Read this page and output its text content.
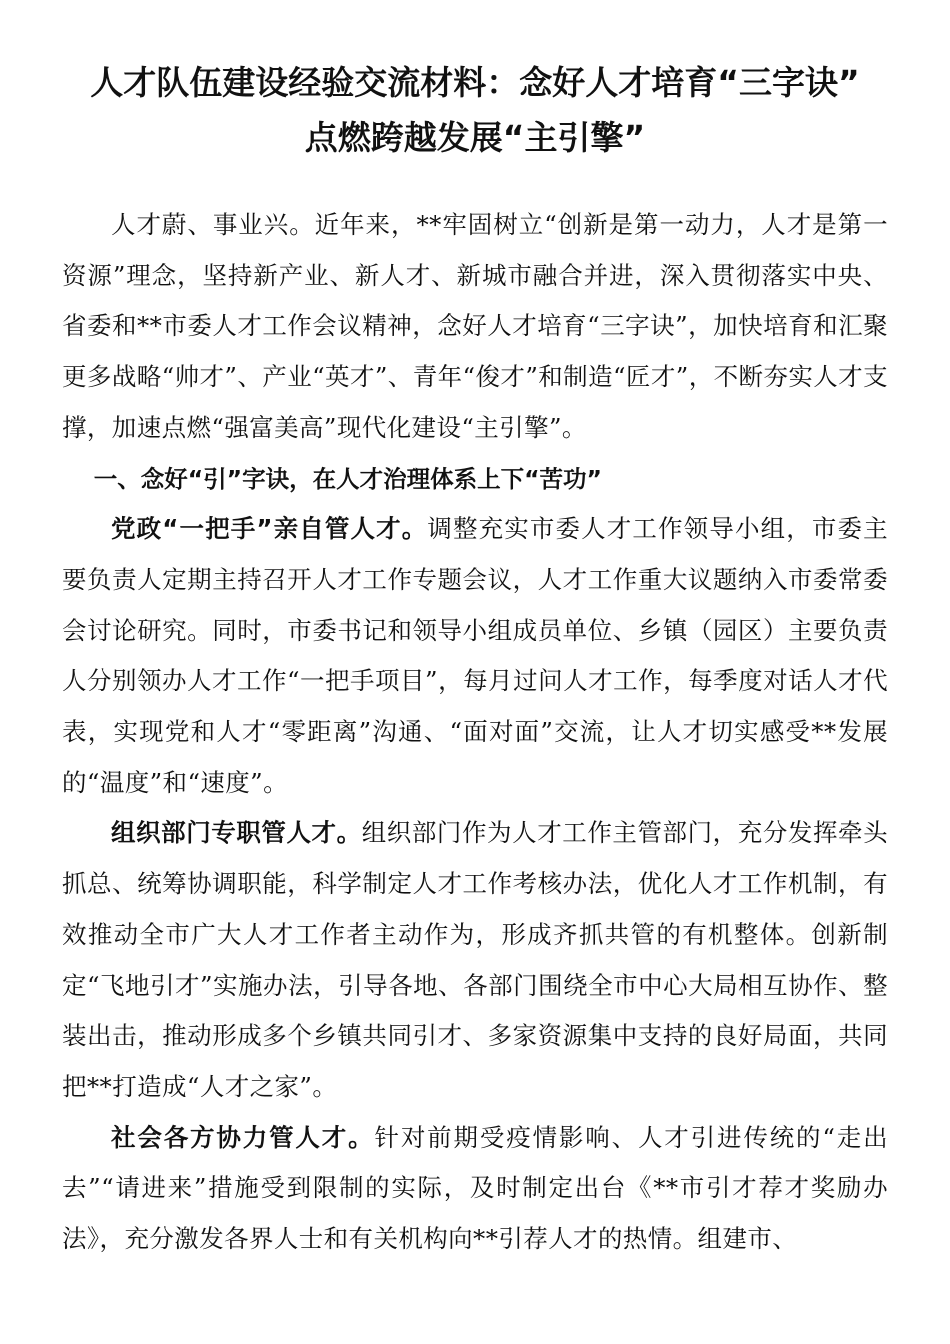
人才队伍建设经验交流材料：念好人才培育“三字诀” 点燃跨越发展“主引擎”

人才蔚、事业兴。近年来，**牢固树立“创新是第一动力，人才是第一资源”理念，坚持新产业、新人才、新城市融合并进，深入贯彻落实中央、省委和**市委人才工作会议精神，念好人才培育“三字诀”，加快培育和汇聚更多战略“帅才”、产业“英才”、青年“俊才”和制造“匠才”，不断夯实人才支撑，加速点燃“强富美高”现代化建设“主引擎”。

一、念好“引”字诀，在人才治理体系上下“苦功”

党政“一把手”亲自管人才。调整充实市委人才工作领导小组，市委主要负责人定期主持召开人才工作专题会议，人才工作重大议题纳入市委常委会讨论研究。同时，市委书记和领导小组成员单位、乡镇（园区）主要负责人分别领办人才工作“一把手项目”，每月过问人才工作，每季度对话人才代表，实现党和人才“零距离”沟通、“面对面”交流，让人才切实感受**发展的“温度”和“速度”。

组织部门专职管人才。组织部门作为人才工作主管部门，充分发挥牵头抓总、统筹协调职能，科学制定人才工作考核办法，优化人才工作机制，有效推动全市广大人才工作者主动作为，形成齐抓共管的有机整体。创新制定“飞地引才”实施办法，引导各地、各部门围绕全市中心大局相互协作、整装出击，推动形成多个乡镇共同引才、多家资源集中支持的良好局面，共同把**打造成“人才之家”。

社会各方协力管人才。针对前期受疫情影响、人才引进传统的“走出去”“请进来”措施受到限制的实际，及时制定出台《**市引才荐才奖励办法》，充分激发各界人士和有关机构向**引荐人才的热情。组建市、
